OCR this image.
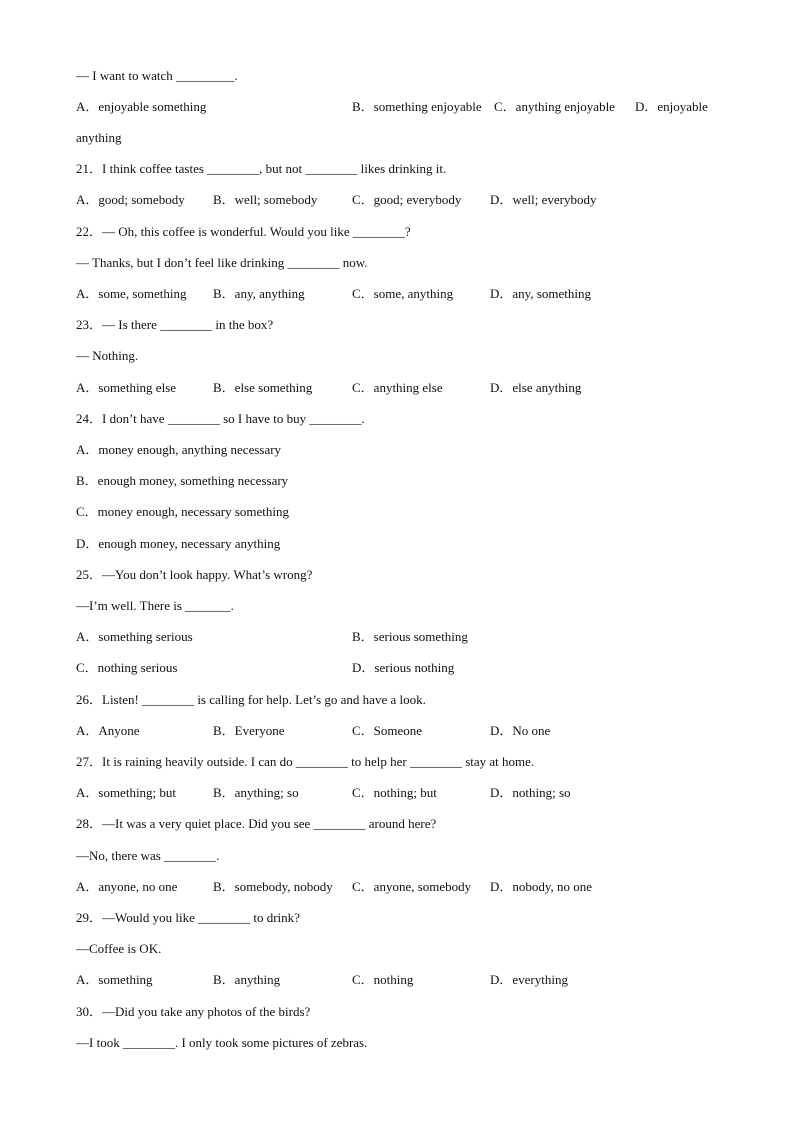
— I want to watch _________.
A．enjoyable something	B．something enjoyable C．anything enjoyable D．enjoyable
anything
21．I think coffee tastes ________, but not ________ likes drinking it.
A．good; somebody B．well; somebody	C．good; everybody D．well; everybody
22．— Oh, this coffee is wonderful. Would you like ________?
— Thanks, but I don’t feel like drinking ________ now.
A．some, something B．any, anything	C．some, anything	D．any, something
23．— Is there ________ in the box?
— Nothing.
A．something else	B．else something	C．anything else	D．else anything
24．I don’t have ________ so I have to buy ________.
A．money enough, anything necessary
B．enough money, something necessary
C．money enough, necessary something
D．enough money, necessary anything
25．—You don’t look happy. What’s wrong?
—I’m well. There is _______.
A．something serious	B．serious something
C．nothing serious	D．serious nothing
26．Listen! ________ is calling for help. Let’s go and have a look.
A．Anyone	B．Everyone	C．Someone	D．No one
27．It is raining heavily outside. I can do ________ to help her ________ stay at home.
A．something; but	B．anything; so	C．nothing; but	D．nothing; so
28．—It was a very quiet place. Did you see ________ around here?
—No, there was ________.
A．anyone, no one	B．somebody, nobody C．anyone, somebody D．nobody, no one
29．—Would you like ________ to drink?
—Coffee is OK.
A．something	B．anything	C．nothing	D．everything
30．—Did you take any photos of the birds?
—I took ________. I only took some pictures of zebras.
